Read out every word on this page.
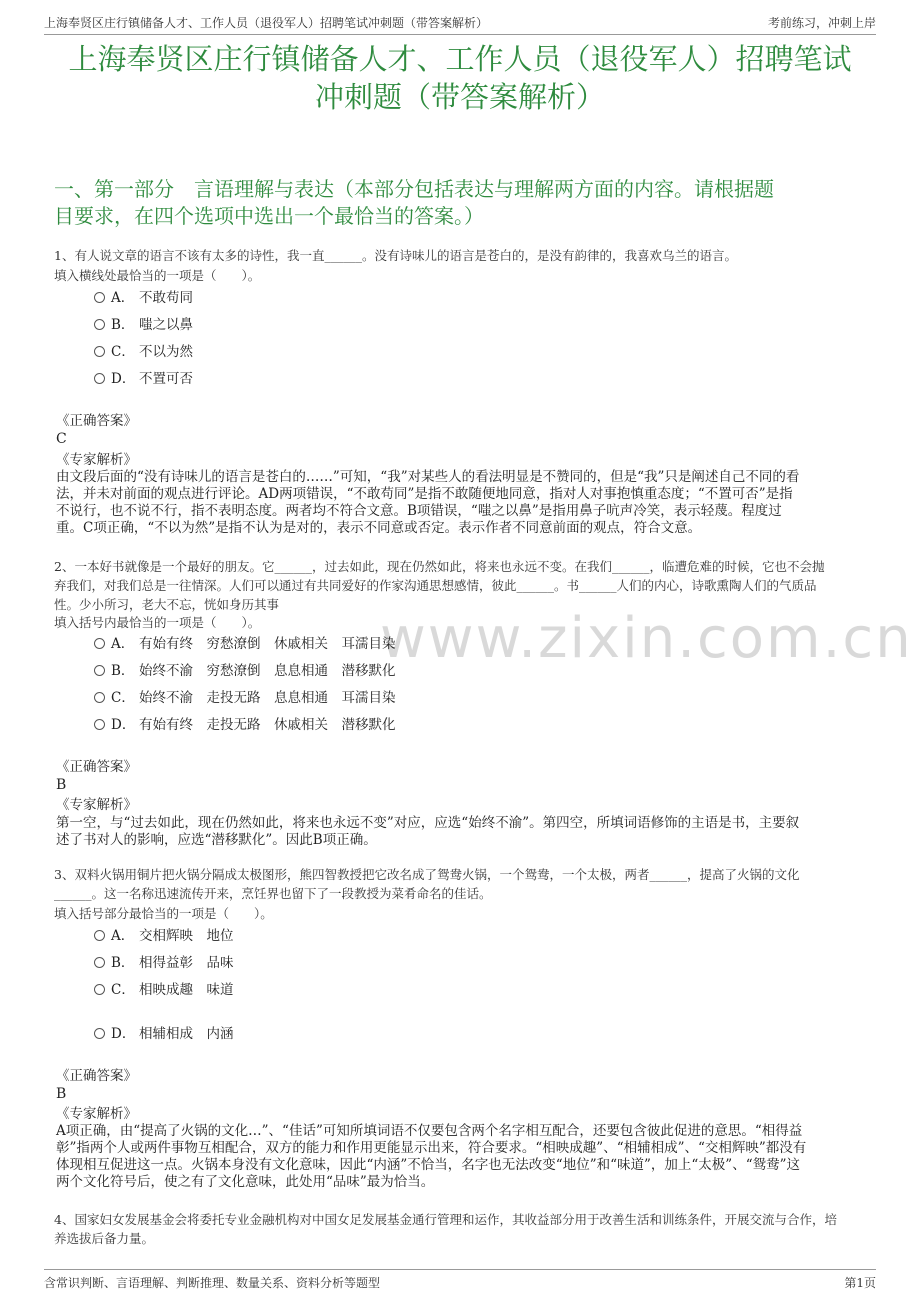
上海奉贤区庄行镇储备人才、工作人员（退役军人）招聘笔试冲刺题（带答案解析）	考前练习，冲刺上岸
上海奉贤区庄行镇储备人才、工作人员（退役军人）招聘笔试
冲刺题（带答案解析）
一、第一部分　言语理解与表达（本部分包括表达与理解两方面的内容。请根据题
目要求，在四个选项中选出一个最恰当的答案。）
www.zixin.com.cn
1、有人说文章的语言不该有太多的诗性，我一直______。没有诗味儿的语言是苍白的，是没有韵律的，我喜欢乌兰的语言。
填入横线处最恰当的一项是（　　）。
A． 不敢苟同
B． 嗤之以鼻
C． 不以为然
D． 不置可否
《正确答案》
C
《专家解析》
由文段后面的“没有诗味儿的语言是苍白的……”可知，“我”对某些人的看法明显是不赞同的，但是“我”只是阐述自己不同的看
法，并未对前面的观点进行评论。AD两项错误，“不敢苟同”是指不敢随便地同意，指对人对事抱慎重态度；“不置可否”是指
不说行，也不说不行，指不表明态度。两者均不符合文意。B项错误，“嗤之以鼻”是指用鼻子吭声冷笑，表示轻蔑。程度过
重。C项正确，“不以为然”是指不认为是对的，表示不同意或否定。表示作者不同意前面的观点，符合文意。
2、一本好书就像是一个最好的朋友。它______，过去如此，现在仍然如此，将来也永远不变。在我们______，临遭危难的时候，它也不会抛
弃我们，对我们总是一往情深。人们可以通过有共同爱好的作家沟通思想感情，彼此______。书______人们的内心，诗歌熏陶人们的气质品
性。少小所习，老大不忘，恍如身历其事
填入括号内最恰当的一项是（　　）。
A． 有始有终　穷愁潦倒　休戚相关　耳濡目染
B． 始终不渝　穷愁潦倒　息息相通　潜移默化
C． 始终不渝　走投无路　息息相通　耳濡目染
D． 有始有终　走投无路　休戚相关　潜移默化
《正确答案》
B
《专家解析》
第一空，与“过去如此，现在仍然如此，将来也永远不变”对应，应选“始终不渝”。第四空，所填词语修饰的主语是书，主要叙
述了书对人的影响，应选“潜移默化”。因此B项正确。
3、双料火锅用铜片把火锅分隔成太极图形，熊四智教授把它改名成了鸳鸯火锅，一个鸳鸯，一个太极，两者______，提高了火锅的文化
______。这一名称迅速流传开来，烹饪界也留下了一段教授为菜肴命名的佳话。
填入括号部分最恰当的一项是（　　）。
A． 交相辉映　地位
B． 相得益彰　品味
C． 相映成趣　味道
D． 相辅相成　内涵
《正确答案》
B
《专家解析》
A项正确，由“提高了火锅的文化…”、“佳话”可知所填词语不仅要包含两个名字相互配合，还要包含彼此促进的意思。“相得益
彰”指两个人或两件事物互相配合，双方的能力和作用更能显示出来，符合要求。“相映成趣”、“相辅相成”、“交相辉映”都没有
体现相互促进这一点。火锅本身没有文化意味，因此“内涵”不恰当，名字也无法改变“地位”和“味道”，加上“太极”、“鸳鸯”这
两个文化符号后，使之有了文化意味，此处用“品味”最为恰当。
4、国家妇女发展基金会将委托专业金融机构对中国女足发展基金通行管理和运作，其收益部分用于改善生活和训练条件，开展交流与合作，培
养选拔后备力量。
含常识判断、言语理解、判断推理、数量关系、资料分析等题型	第1页
